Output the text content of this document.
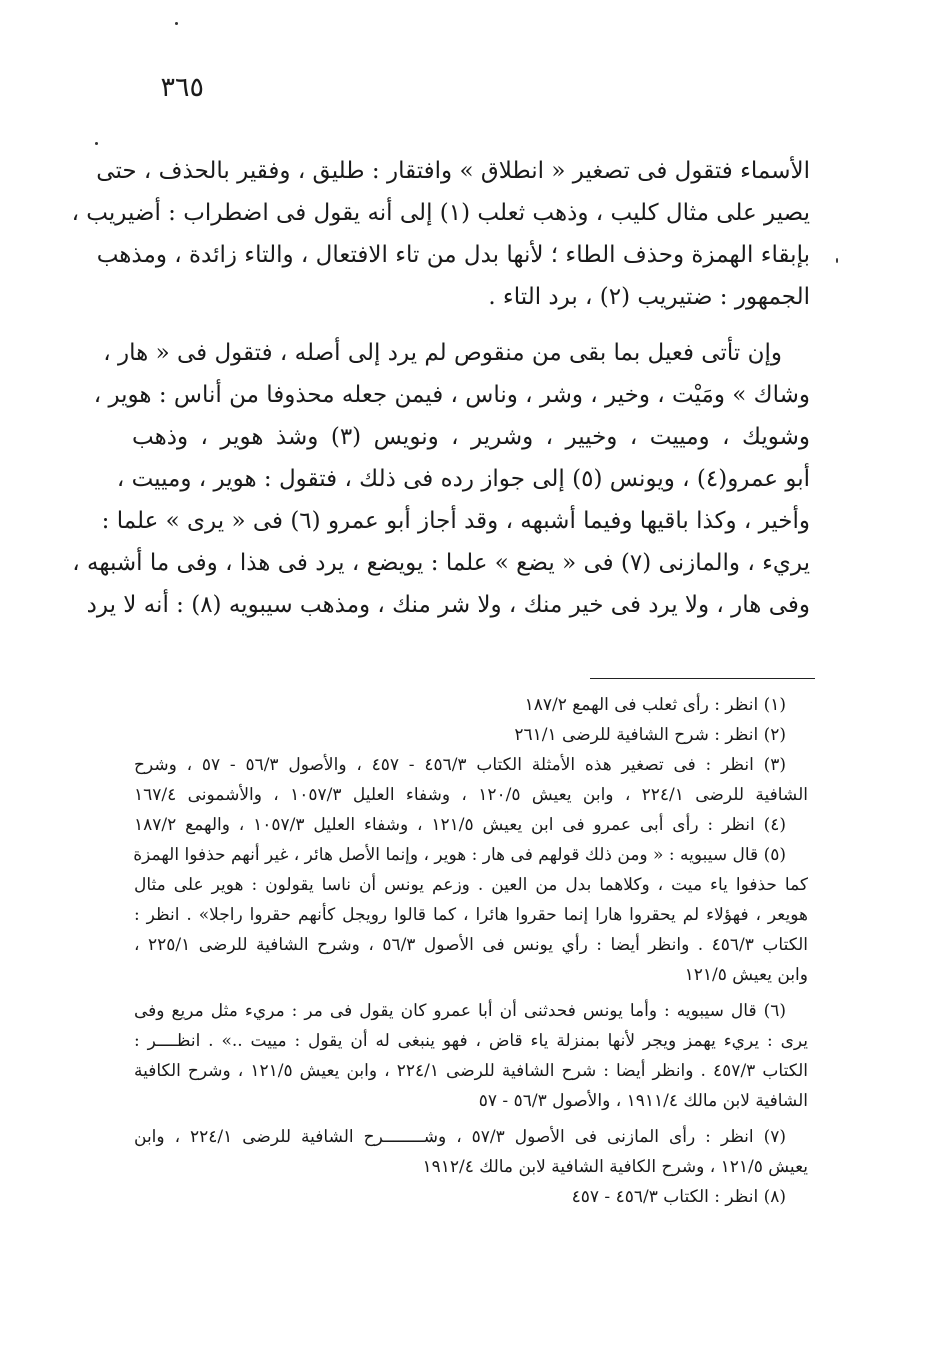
٣٦٥
الأسماء فتقول فى تصغير « انطلاق » وافتقار : طليق ، وفقير بالحذف ، حتى
يصير على مثال كليب ، وذهب ثعلب (١) إلى أنه يقول فى اضطراب : أضيريب ،
بإبقاء الهمزة وحذف الطاء ؛ لأنها بدل من تاء الافتعال ، والتاء زائدة ، ومذهب
الجمهور : ضتيريب (٢) ، برد التاء .
وإن تأتى فعيل بما بقى من منقوص لم يرد إلى أصله ، فتقول فى « هار ،
وشاك » ومَيْت ، وخير ، وشر ، وناس ، فيمن جعله محذوفا من أناس : هوير ،
وشويك ، ومييت ، وخيير ، وشرير ، ونويس (٣) وشذ هوير ، وذهب
أبو عمرو(٤) ، ويونس (٥) إلى جواز رده فى ذلك ، فتقول : هوير ، ومييت ،
وأخير ، وكذا باقيها وفيما أشبهه ، وقد أجاز أبو عمرو (٦) فى « يرى » علما :
يريء ، والمازنى (٧) فى « يضع » علما : يويضع ، يرد فى هذا ، وفى ما أشبهه ،
وفى هار ، ولا يرد فى خير منك ، ولا شر منك ، ومذهب سيبويه (٨) : أنه لا يرد
(١) انظر : رأى ثعلب فى الهمع ١٨٧/٢
(٢) انظر : شرح الشافية للرضى ٢٦١/١
(٣) انظر : فى تصغير هذه الأمثلة الكتاب ٤٥٦/٣ - ٤٥٧ ، والأصول ٥٦/٣ - ٥٧ ، وشرح
الشافية للرضى ٢٢٤/١ ، وابن يعيش ١٢٠/٥ ، وشفاء العليل ١٠٥٧/٣ ، والأشمونى ١٦٧/٤
(٤) انظر : رأى أبى عمرو فى ابن يعيش ١٢١/٥ ، وشفاء العليل ١٠٥٧/٣ ، والهمع ١٨٧/٢
(٥) قال سيبويه : « ومن ذلك قولهم فى هار : هوير ، وإنما الأصل هائر ، غير أنهم حذفوا الهمزة
كما حذفوا ياء ميت ، وكلاهما بدل من العين . وزعم يونس أن ناسا يقولون : هوير على مثال
هويعر ، فهؤلاء لم يحقروا هارا إنما حقروا هائرا ، كما قالوا رويجل كأنهم حقروا راجلا» . انظر :
الكتاب ٤٥٦/٣ . وانظر أيضا : رأي يونس فى الأصول ٥٦/٣ ، وشرح الشافية للرضى ٢٢٥/١ ،
وابن يعيش ١٢١/٥
(٦) قال سيبويه : وأما يونس فحدثنى أن أبا عمرو كان يقول فى مر : مريء مثل مريع وفى
يرى : يريء يهمز ويجر لأنها بمنزلة ياء قاض ، فهو ينبغى له أن يقول : مييت ..» . انظــــر :
الكتاب ٤٥٧/٣ . وانظر أيضا : شرح الشافية للرضى ٢٢٤/١ ، وابن يعيش ١٢١/٥ ، وشرح الكافية
الشافية لابن مالك ١٩١١/٤ ، والأصول ٥٦/٣ - ٥٧
(٧) انظر : رأى المازنى فى الأصول ٥٧/٣ ، وشــــــــرح الشافية للرضى ٢٢٤/١ ، وابن
يعيش ١٢١/٥ ، وشرح الكافية الشافية لابن مالك ١٩١٢/٤
(٨) انظر : الكتاب ٤٥٦/٣ - ٤٥٧
